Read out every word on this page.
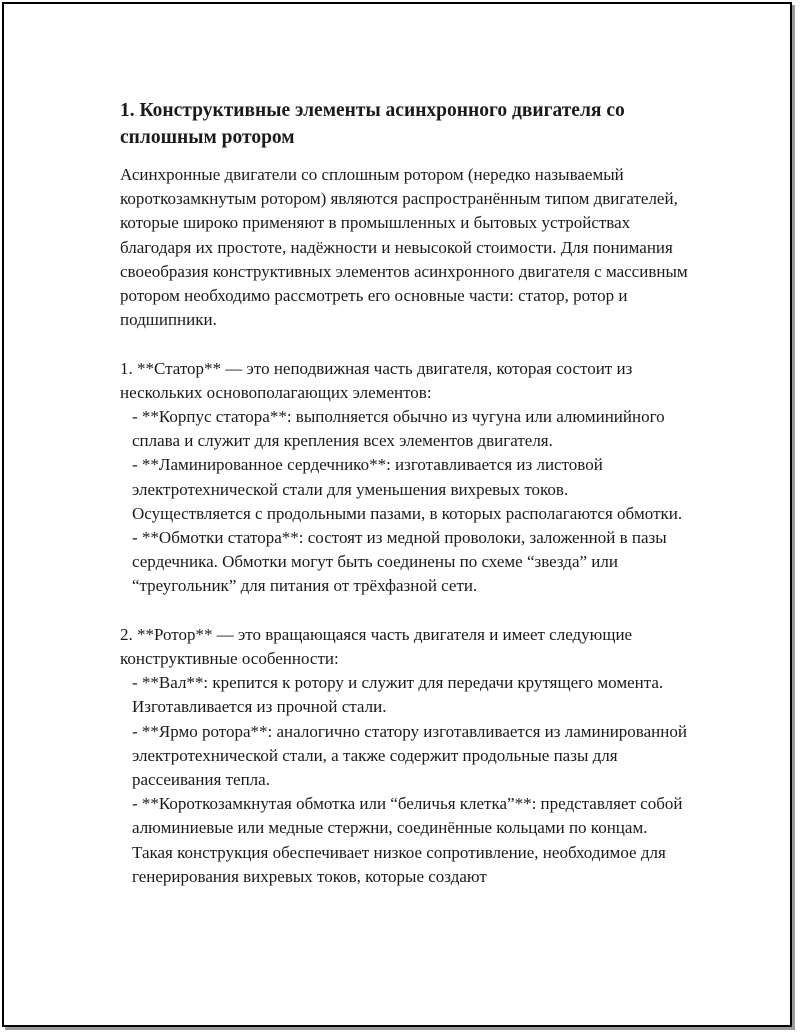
1. Конструктивные элементы асинхронного двигателя со сплошным ротором

Асинхронные двигатели со сплошным ротором (нередко называемый короткозамкнутым ротором) являются распространённым типом двигателей, которые широко применяют в промышленных и бытовых устройствах благодаря их простоте, надёжности и невысокой стоимости. Для понимания своеобразия конструктивных элементов асинхронного двигателя с массивным ротором необходимо рассмотреть его основные части: статор, ротор и подшипники.

1. **Статор** — это неподвижная часть двигателя, которая состоит из нескольких основополагающих элементов:

- **Корпус статора**: выполняется обычно из чугуна или алюминийного сплава и служит для крепления всех элементов двигателя.

- **Ламинированное сердечнико**: изготавливается из листовой электротехнической стали для уменьшения вихревых токов. Осуществляется с продольными пазами, в которых располагаются обмотки.

- **Обмотки статора**: состоят из медной проволоки, заложенной в пазы сердечника. Обмотки могут быть соединены по схеме “звезда” или “треугольник” для питания от трёхфазной сети.

2. **Ротор** — это вращающаяся часть двигателя и имеет следующие конструктивные особенности:

- **Вал**: крепится к ротору и служит для передачи крутящего момента. Изготавливается из прочной стали.

- **Ярмо ротора**: аналогично статору изготавливается из ламинированной электротехнической стали, а также содержит продольные пазы для рассеивания тепла.

- **Короткозамкнутая обмотка или “беличья клетка”**: представляет собой алюминиевые или медные стержни, соединённые кольцами по концам. Такая конструкция обеспечивает низкое сопротивление, необходимое для генерирования вихревых токов, которые создают
